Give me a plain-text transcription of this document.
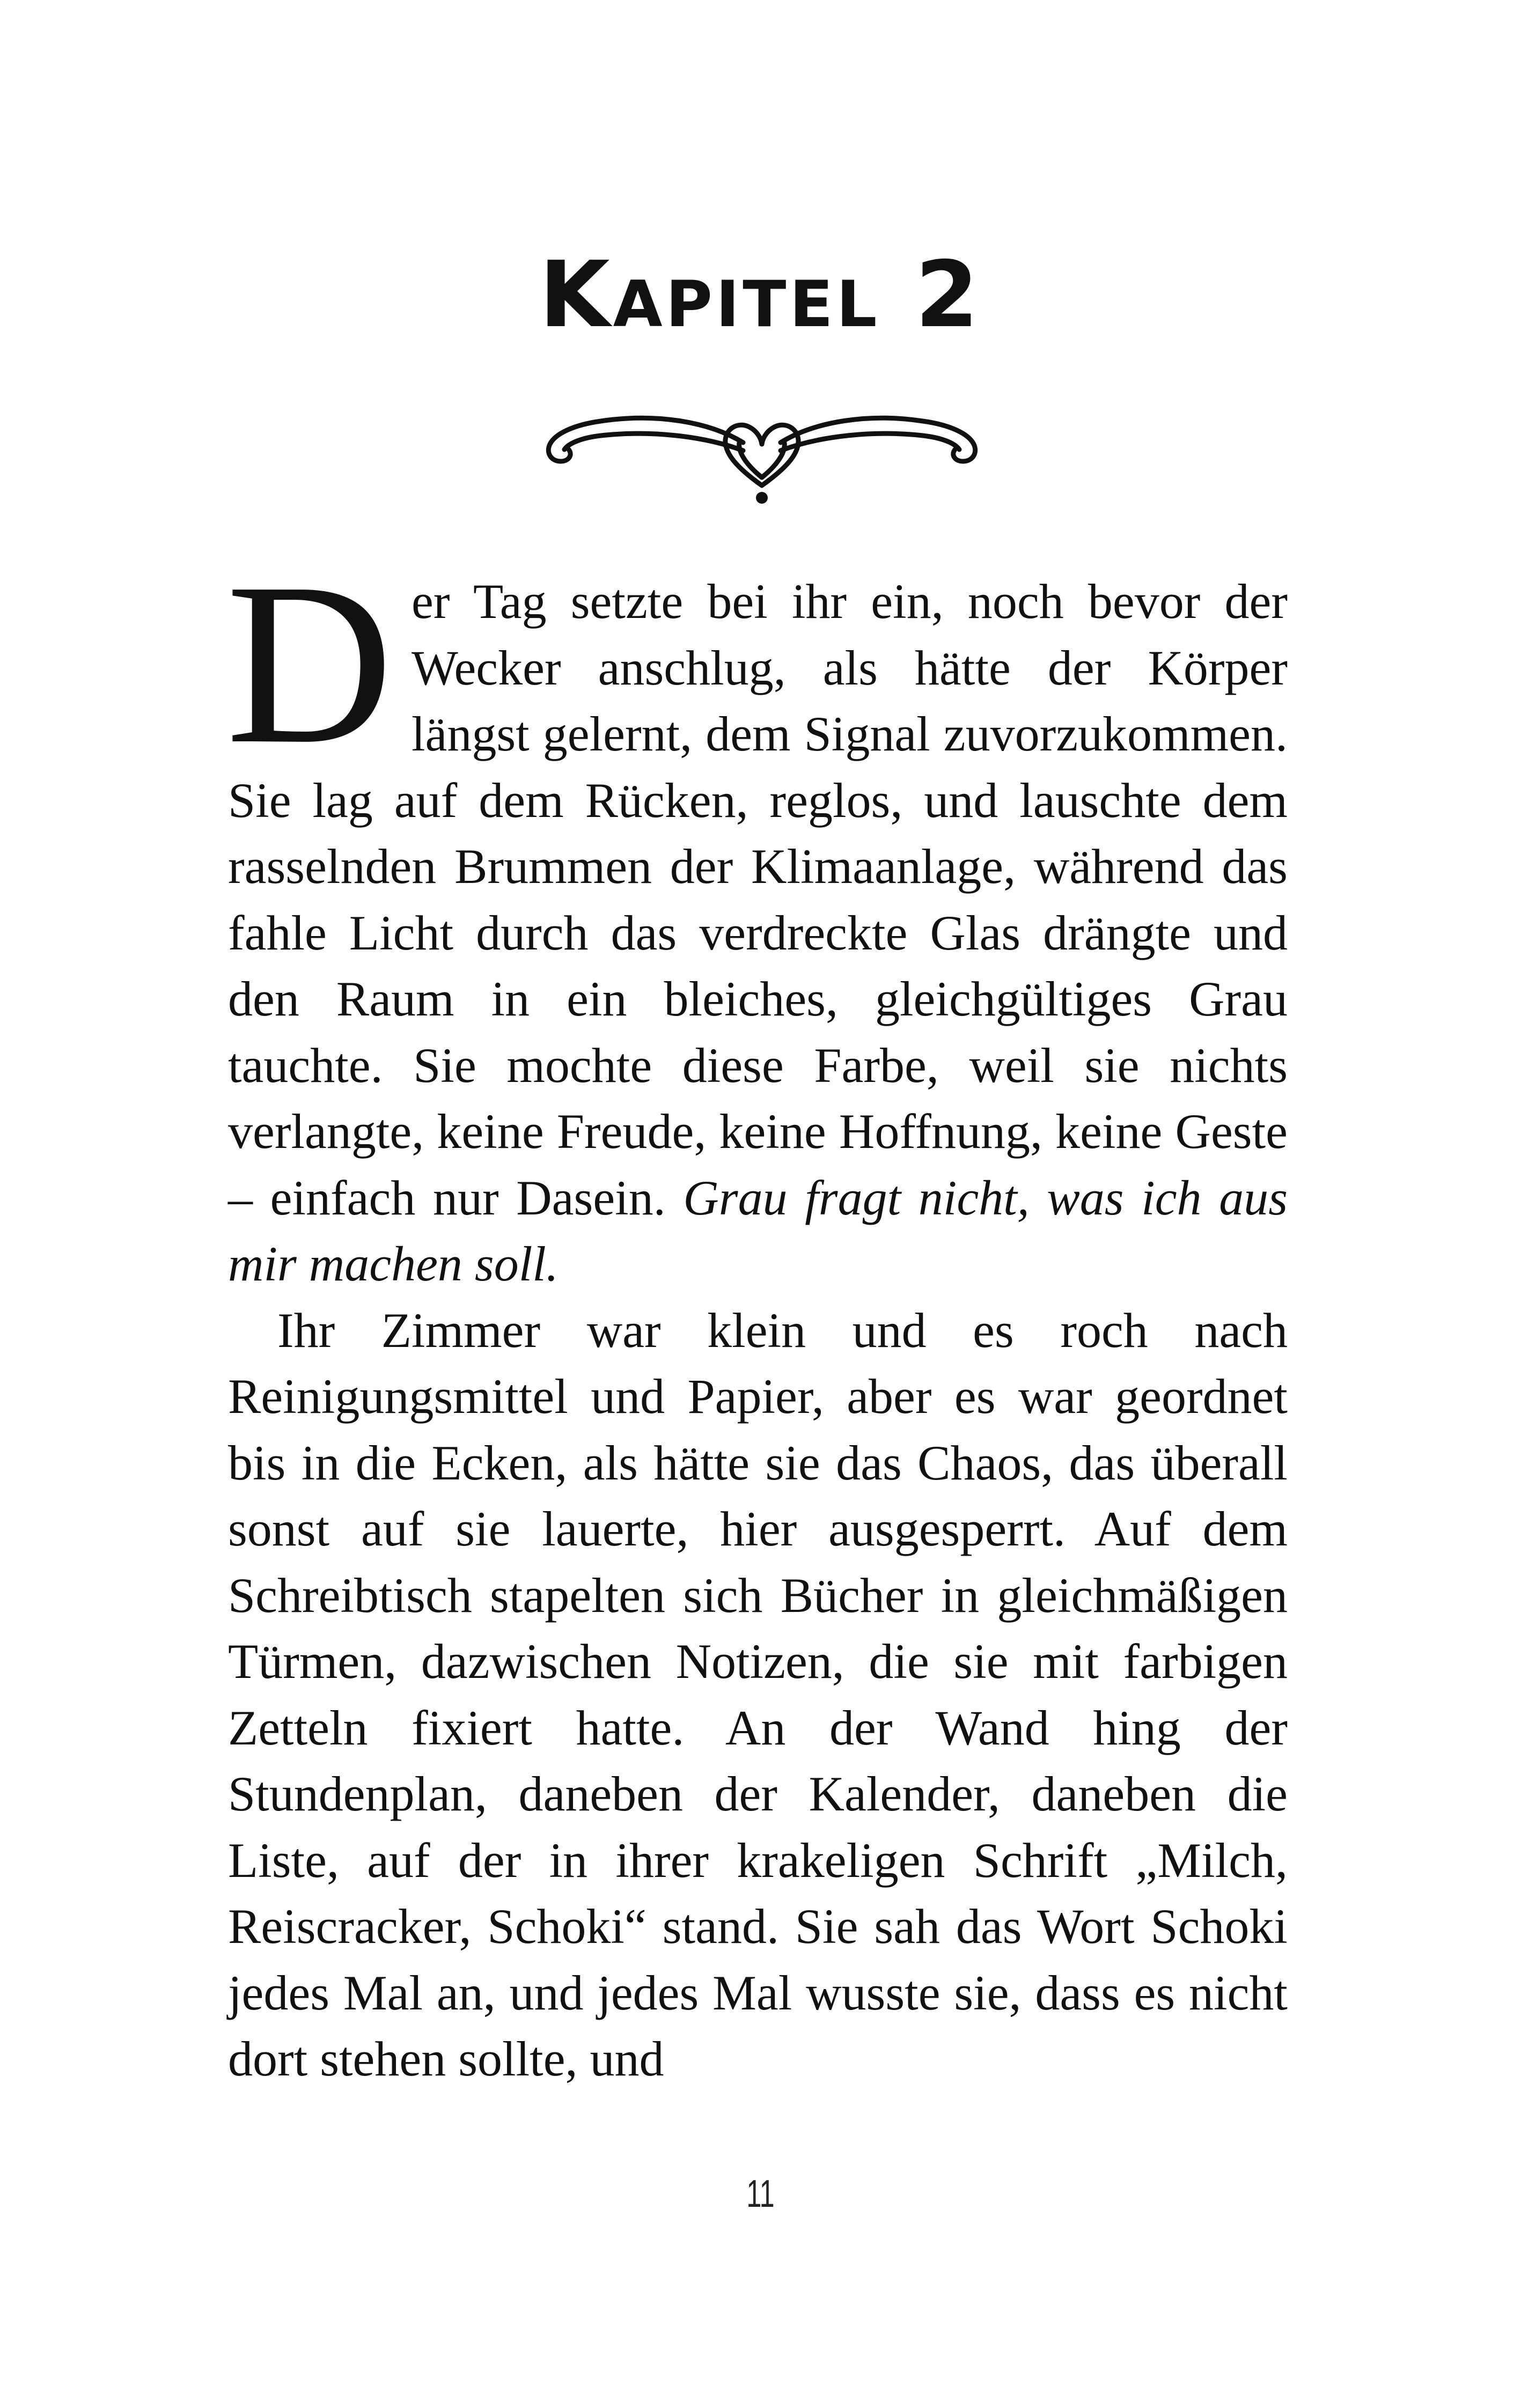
Kapitel 2

Der Tag setzte bei ihr ein, noch bevor der Wecker anschlug, als hätte der Körper längst gelernt, dem Signal zuvorzukommen. Sie lag auf dem Rücken, reglos, und lauschte dem rasselnden Brummen der Klimaanlage, während das fahle Licht durch das verdreckte Glas drängte und den Raum in ein bleiches, gleichgültiges Grau tauchte. Sie mochte diese Farbe, weil sie nichts verlangte, keine Freude, keine Hoffnung, keine Geste – einfach nur Dasein. Grau fragt nicht, was ich aus mir machen soll.

Ihr Zimmer war klein und es roch nach Reinigungsmittel und Papier, aber es war geordnet bis in die Ecken, als hätte sie das Chaos, das überall sonst auf sie lauerte, hier ausgesperrt. Auf dem Schreibtisch stapelten sich Bücher in gleichmäßigen Türmen, dazwischen Notizen, die sie mit farbigen Zetteln fixiert hatte. An der Wand hing der Stundenplan, daneben der Kalender, daneben die Liste, auf der in ihrer krakeligen Schrift „Milch, Reiscracker, Schoki“ stand. Sie sah das Wort Schoki jedes Mal an, und jedes Mal wusste sie, dass es nicht dort stehen sollte, und

11
